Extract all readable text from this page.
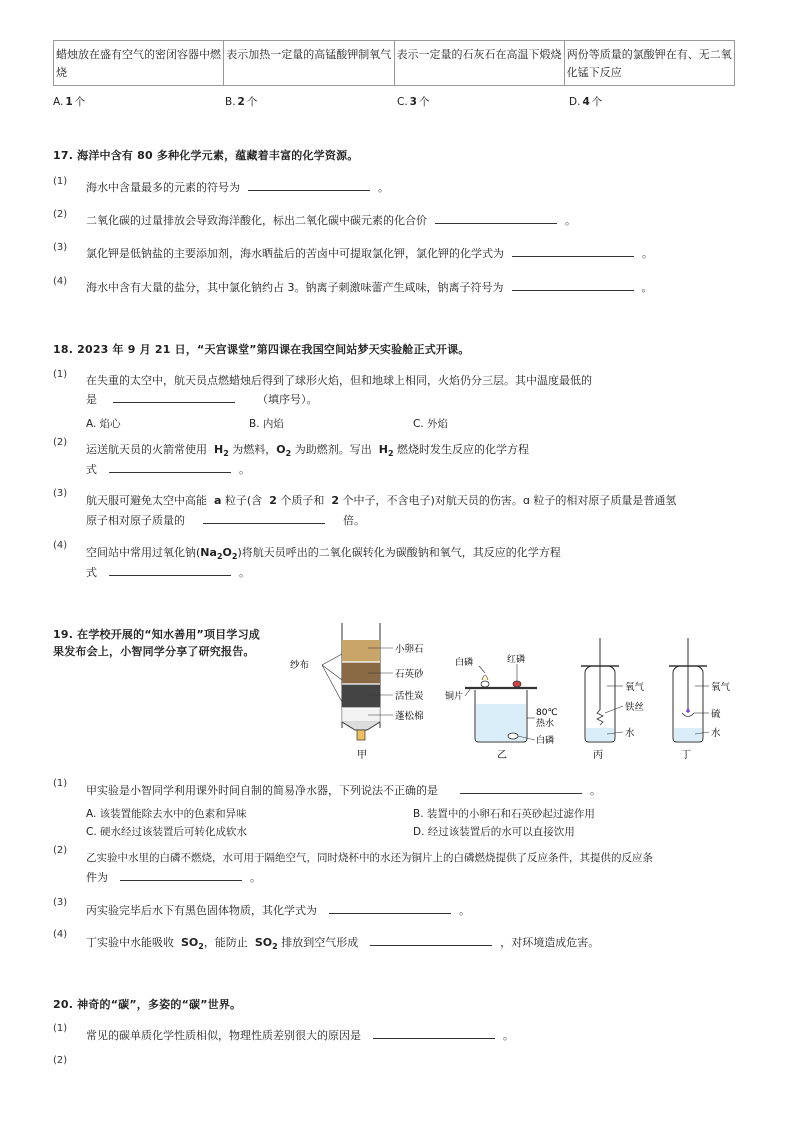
蜡烛放在盛有空气的密闭容器中燃烧	表示加热一定量的高锰酸钾制氧气	表示一定量的石灰石在高温下煅烧	两份等质量的氯酸钾在有、无二氧化锰下反应
A. 1 个	B. 2 个	C. 3 个	D. 4 个
17. 海洋中含有 80 多种化学元素，蕴藏着丰富的化学资源。
(1) 海水中含量最多的元素的符号为	。
(2) 二氧化碳的过量排放会导致海洋酸化，标出二氧化碳中碳元素的化合价	。
(3) 氯化钾是低钠盐的主要添加剂，海水晒盐后的苦卤中可提取氯化钾，氯化钾的化学式为	。
(4) 海水中含有大量的盐分，其中氯化钠约占 3。钠离子刺激味蕾产生咸味，钠离子符号为	。
18. 2023 年 9 月 21 日，“天宫课堂”第四课在我国空间站梦天实验舱正式开课。
(1) 在失重的太空中，航天员点燃蜡烛后得到了球形火焰，但和地球上相同，火焰仍分三层。其中温度最低的
是	（填序号）。
A. 焰心	B. 内焰	C. 外焰
(2)
运送航天员的火箭常使用 $H_2$ 为燃料，$O_2$ 为助燃剂。写出 $H_2$ 燃烧时发生反应的化学方程
式	。
(3)
航天服可避免太空中高能 a 粒子(含 2 个质子和 2 个中子，不含电子)对航天员的伤害。ɑ 粒子的相对原子质量是普通氢
原子相对原子质量的	倍。
(4)
空间站中常用过氧化钠$(Na_2O_2)$将航天员呼出的二氧化碳转化为碳酸钠和氧气，其反应的化学方程
式	。
19. 在学校开展的“知水善用”项目学习成
果发布会上，小智同学分享了研究报告。
纱布
小卵石
石英砂
活性炭
蓬松棉
甲
白磷	红磷
铜片
80℃
热水
白磷
乙
氧气
铁丝
水
丙
氧气
硫
水
丁
(1)
甲实验是小智同学利用课外时间自制的简易净水器，下列说法不正确的是	。
A. 该装置能除去水中的色素和异味	B. 装置中的小卵石和石英砂起过滤作用
C. 硬水经过该装置后可转化成软水	D. 经过该装置后的水可以直接饮用
(2)
乙实验中水里的白磷不燃烧，水可用于隔绝空气，同时烧杯中的水还为铜片上的白磷燃烧提供了反应条件，其提供的反应条
件为	。
(3)
丙实验完毕后水下有黑色固体物质，其化学式为	。
(4)
丁实验中水能吸收 $SO_2$，能防止 $SO_2$ 排放到空气形成	，对环境造成危害。
20. 神奇的“碳”，多姿的“碳”世界。
(1)
常见的碳单质化学性质相似，物理性质差别很大的原因是	。
(2)
